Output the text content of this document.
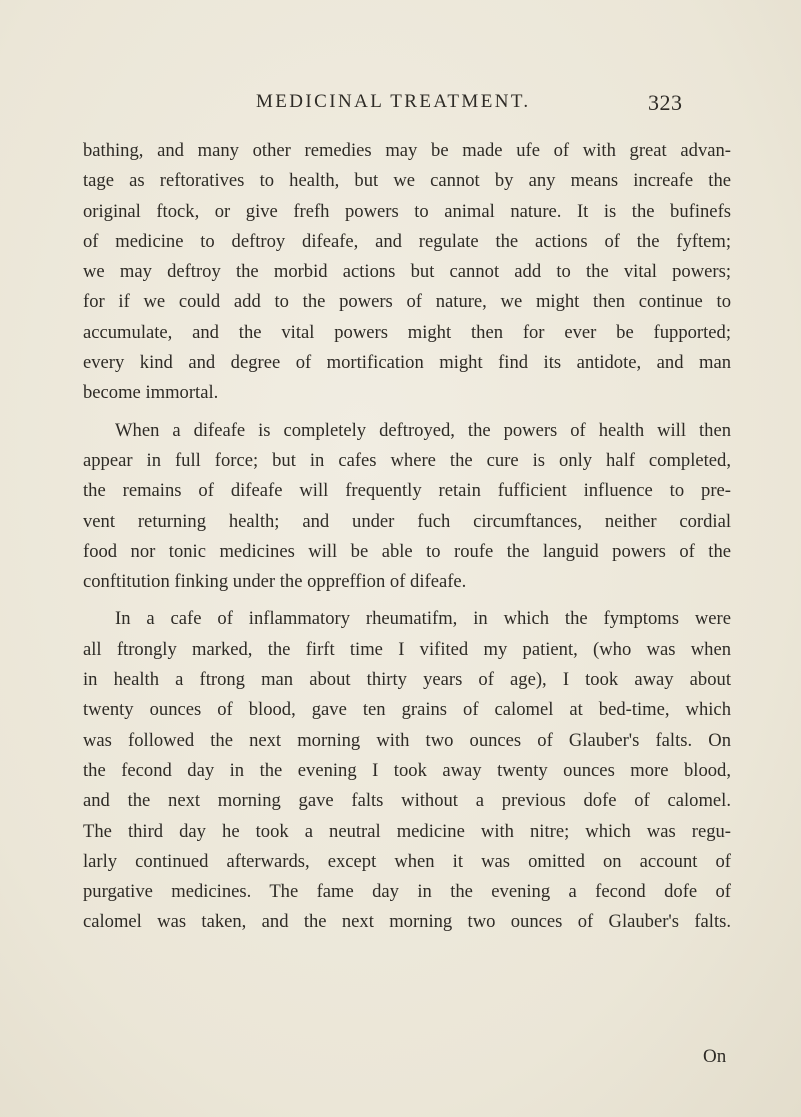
MEDICINAL TREATMENT.	323

bathing, and many other remedies may be made ufe of with great advan-
tage as reftoratives to health, but we cannot by any means increafe the
original ftock, or give frefh powers to animal nature. It is the bufinefs
of medicine to deftroy difeafe, and regulate the actions of the fyftem;
we may deftroy the morbid actions but cannot add to the vital powers;
for if we could add to the powers of nature, we might then continue to
accumulate, and the vital powers might then for ever be fupported;
every kind and degree of mortification might find its antidote, and man
become immortal.

When a difeafe is completely deftroyed, the powers of health will then
appear in full force; but in cafes where the cure is only half completed,
the remains of difeafe will frequently retain fufficient influence to pre-
vent returning health; and under fuch circumftances, neither cordial
food nor tonic medicines will be able to roufe the languid powers of the
conftitution finking under the oppreffion of difeafe.

In a cafe of inflammatory rheumatifm, in which the fymptoms were
all ftrongly marked, the firft time I vifited my patient, (who was when
in health a ftrong man about thirty years of age), I took away about
twenty ounces of blood, gave ten grains of calomel at bed-time, which
was followed the next morning with two ounces of Glauber's falts. On
the fecond day in the evening I took away twenty ounces more blood,
and the next morning gave falts without a previous dofe of calomel.
The third day he took a neutral medicine with nitre; which was regu-
larly continued afterwards, except when it was omitted on account of
purgative medicines. The fame day in the evening a fecond dofe of
calomel was taken, and the next morning two ounces of Glauber's falts.

On
